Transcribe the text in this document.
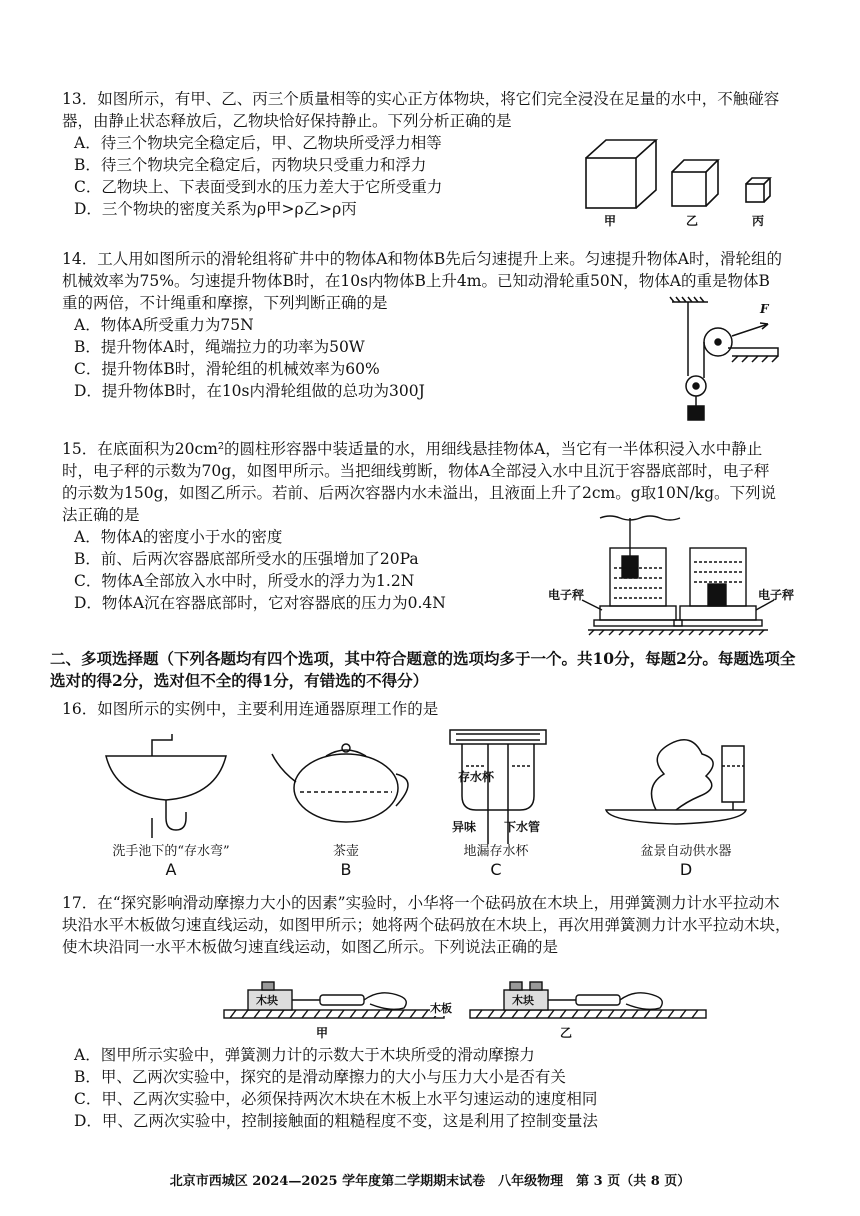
13．如图所示，有甲、乙、丙三个质量相等的实心正方体物块，将它们完全浸没在足量的水中，不触碰容器，由静止状态释放后，乙物块恰好保持静止。下列分析正确的是

A．待三个物块完全稳定后，甲、乙物块所受浮力相等
B．待三个物块完全稳定后，丙物块只受重力和浮力
C．乙物块上、下表面受到水的压力差大于它所受重力
D．三个物块的密度关系为ρ甲>ρ乙>ρ丙
甲	乙	丙

14．工人用如图所示的滑轮组将矿井中的物体A和物体B先后匀速提升上来。匀速提升物体A时，滑轮组的机械效率为75%。匀速提升物体B时，在10s内物体B上升4m。已知动滑轮重50N，物体A的重是物体B重的两倍，不计绳重和摩擦，下列判断正确的是

A．物体A所受重力为75N
B．提升物体A时，绳端拉力的功率为50W
C．提升物体B时，滑轮组的机械效率为60%
D．提升物体B时，在10s内滑轮组做的总功为300J
F

15．在底面积为20cm²的圆柱形容器中装适量的水，用细线悬挂物体A，当它有一半体积浸入水中静止时，电子秤的示数为70g，如图甲所示。当把细线剪断，物体A全部浸入水中且沉于容器底部时，电子秤的示数为150g，如图乙所示。若前、后两次容器内水未溢出，且液面上升了2cm。g取10N/kg。下列说法正确的是

A．物体A的密度小于水的密度
B．前、后两次容器底部所受水的压强增加了20Pa
C．物体A全部放入水中时，所受水的浮力为1.2N
D．物体A沉在容器底部时，它对容器底的压力为0.4N	电子秤	电子秤

二、多项选择题（下列各题均有四个选项，其中符合题意的选项均多于一个。共10分，每题2分。每题选项全选对的得2分，选对但不全的得1分，有错选的不得分）

16．如图所示的实例中，主要利用连通器原理工作的是

存水杯
异味 下水管
洗手池下的“存水弯”	茶壶	地漏存水杯	盆景自动供水器
A	B	C	D

17．在“探究影响滑动摩擦力大小的因素”实验时，小华将一个砝码放在木块上，用弹簧测力计水平拉动木块沿水平木板做匀速直线运动，如图甲所示；她将两个砝码放在木块上，再次用弹簧测力计水平拉动木块，使木块沿同一水平木板做匀速直线运动，如图乙所示。下列说法正确的是

木块	木块
木板
甲	乙
A．图甲所示实验中，弹簧测力计的示数大于木块所受的滑动摩擦力
B．甲、乙两次实验中，探究的是滑动摩擦力的大小与压力大小是否有关
C．甲、乙两次实验中，必须保持两次木块在木板上水平匀速运动的速度相同
D．甲、乙两次实验中，控制接触面的粗糙程度不变，这是利用了控制变量法
北京市西城区 2024—2025 学年度第二学期期末试卷　八年级物理　第 3 页（共 8 页）
